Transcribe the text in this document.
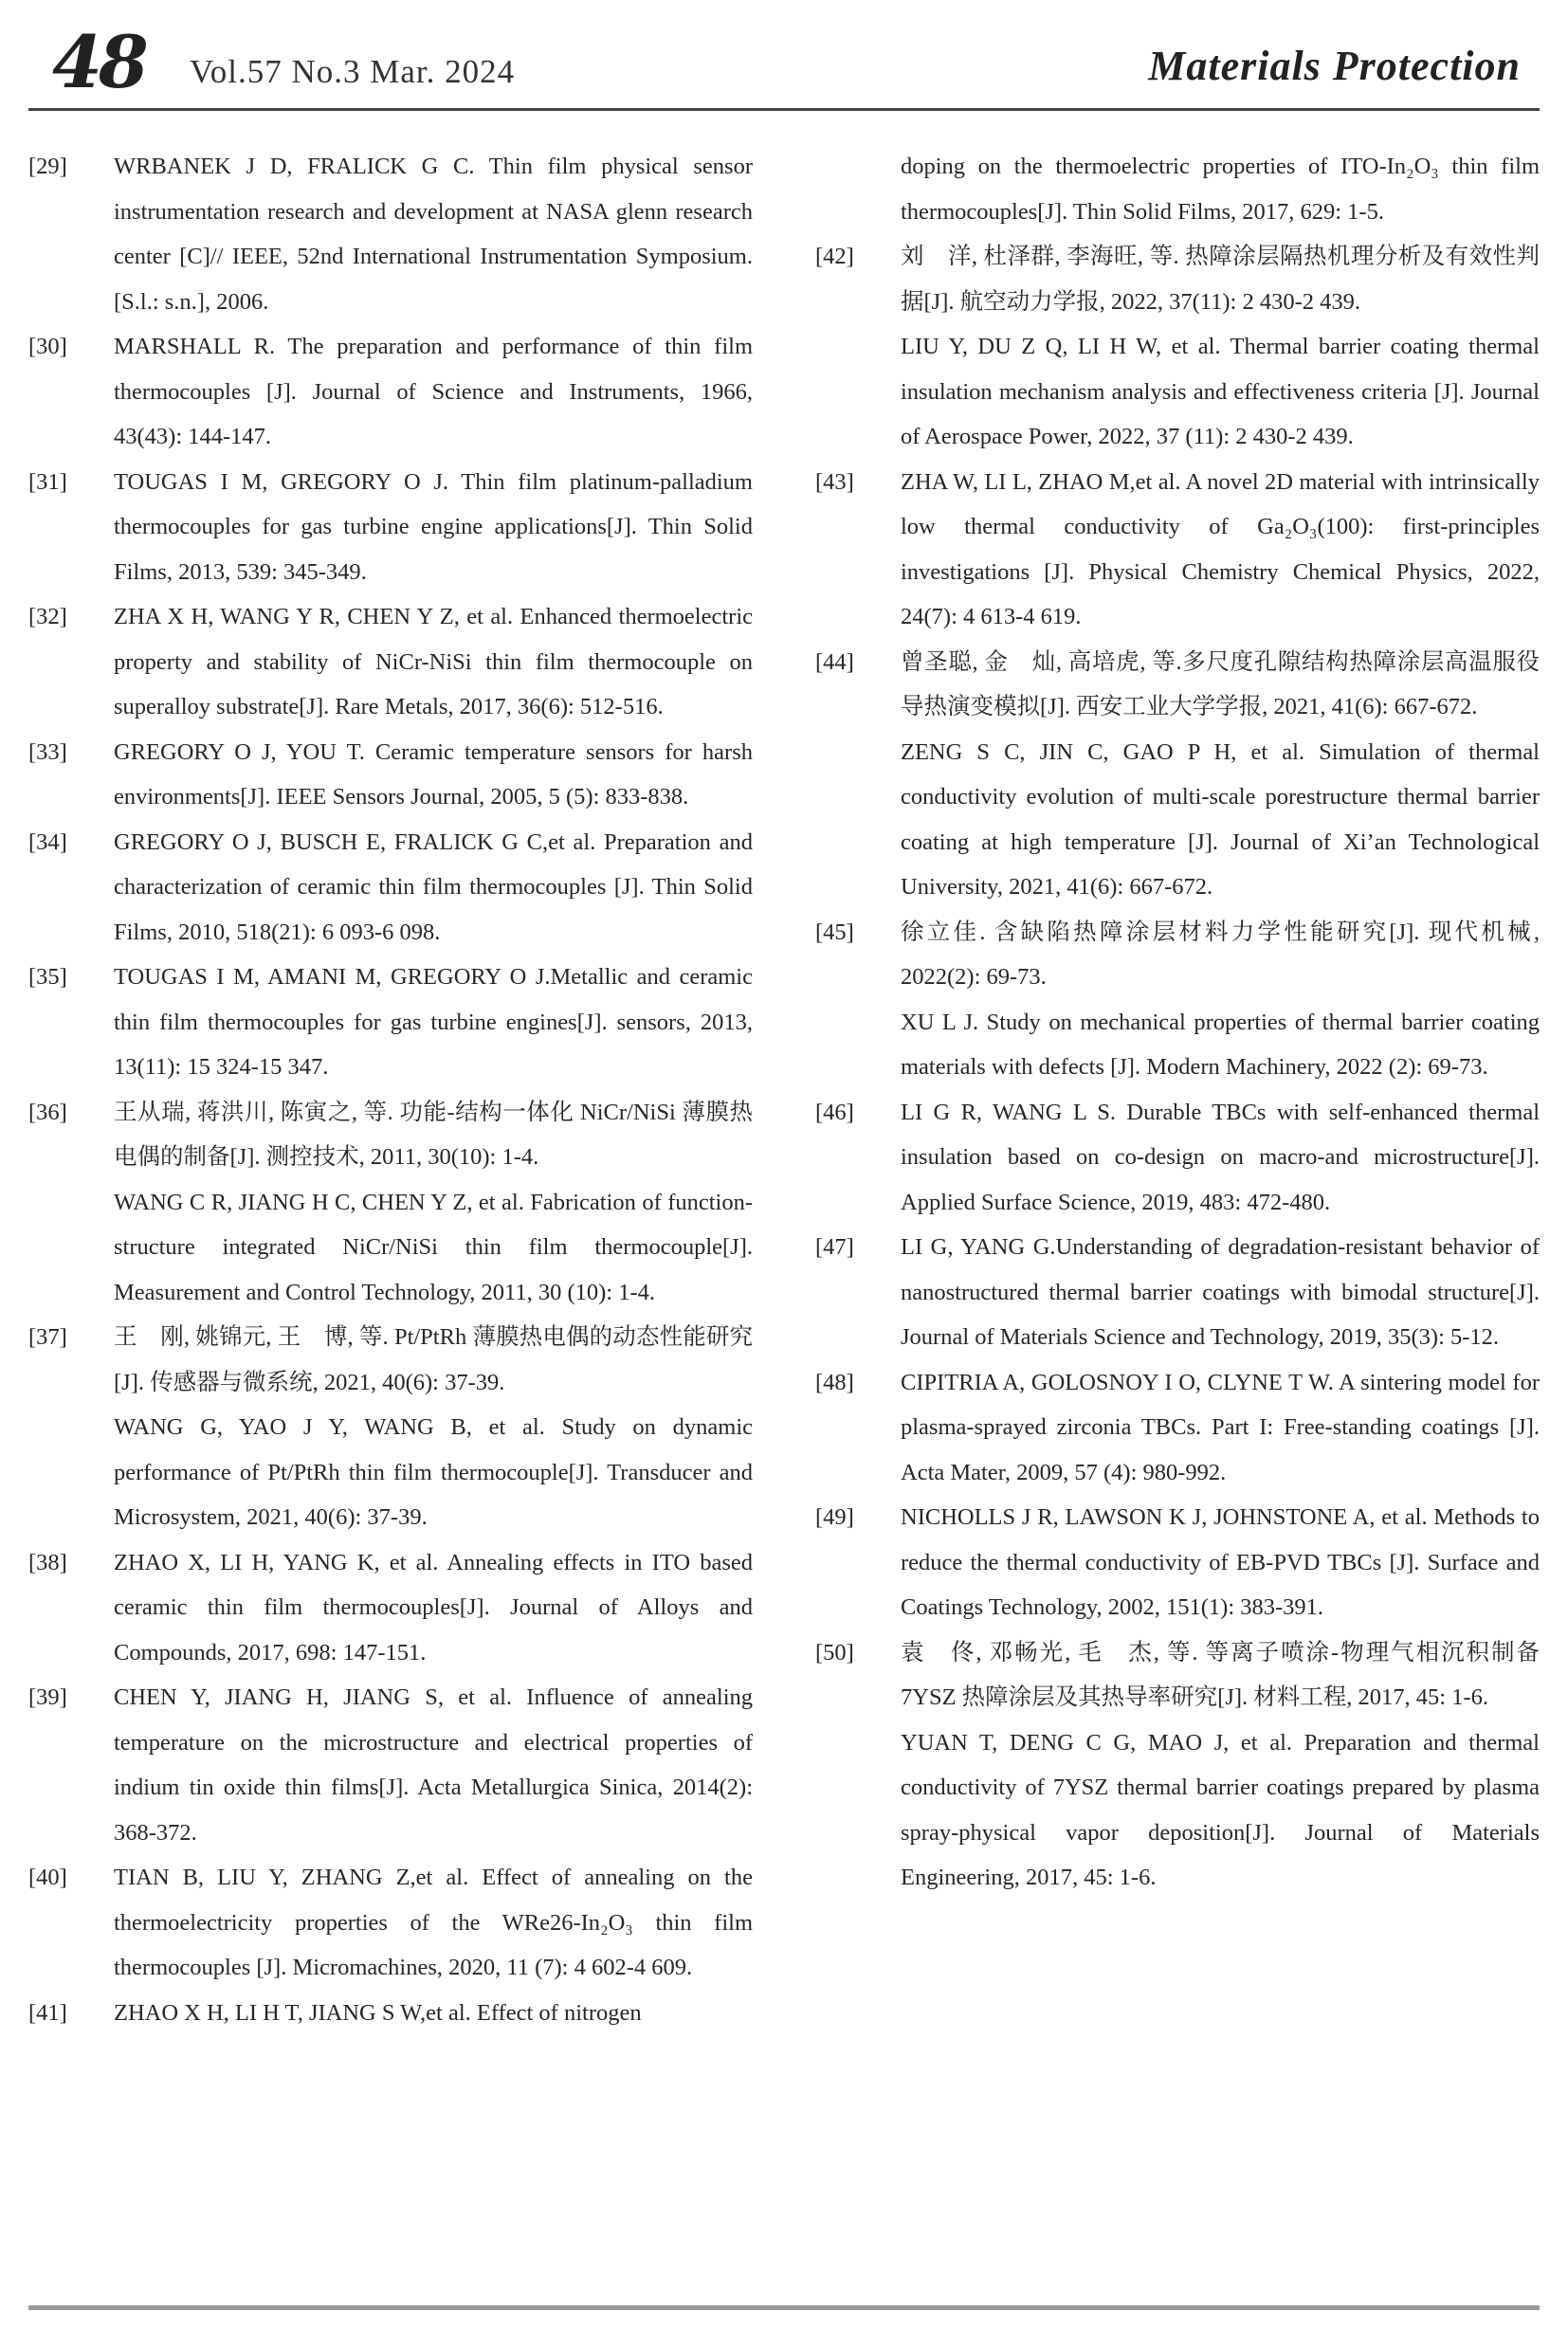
48 Vol.57 No.3 Mar. 2024	Materials Protection
[29]	WRBANEK J D, FRALICK G C. Thin film physical sensor instrumentation research and development at NASA glenn research center [C]// IEEE, 52nd International Instrumentation Symposium. [S.l.: s.n.], 2006.
[30]	MARSHALL R. The preparation and performance of thin film thermocouples [J]. Journal of Science and Instruments, 1966, 43(43): 144-147.
[31]	TOUGAS I M, GREGORY O J. Thin film platinum-palladium thermocouples for gas turbine engine applications[J]. Thin Solid Films, 2013, 539: 345-349.
[32]	ZHA X H, WANG Y R, CHEN Y Z, et al. Enhanced thermoelectric property and stability of NiCr-NiSi thin film thermocouple on superalloy substrate[J]. Rare Metals, 2017, 36(6): 512-516.
[33]	GREGORY O J, YOU T. Ceramic temperature sensors for harsh environments[J]. IEEE Sensors Journal, 2005, 5 (5): 833-838.
[34]	GREGORY O J, BUSCH E, FRALICK G C,et al. Preparation and characterization of ceramic thin film thermocouples [J]. Thin Solid Films, 2010, 518(21): 6 093-6 098.
[35]	TOUGAS I M, AMANI M, GREGORY O J.Metallic and ceramic thin film thermocouples for gas turbine engines[J]. sensors, 2013, 13(11): 15 324-15 347.
[36]	王从瑞, 蒋洪川, 陈寅之, 等. 功能-结构一体化 NiCr/NiSi 薄膜热电偶的制备[J]. 测控技术, 2011, 30(10): 1-4.
WANG C R, JIANG H C, CHEN Y Z, et al. Fabrication of function-structure integrated NiCr/NiSi thin film thermocouple[J]. Measurement and Control Technology, 2011, 30 (10): 1-4.
[37]	王　刚, 姚锦元, 王　博, 等. Pt/PtRh 薄膜热电偶的动态性能研究[J]. 传感器与微系统, 2021, 40(6): 37-39.
WANG G, YAO J Y, WANG B, et al. Study on dynamic performance of Pt/PtRh thin film thermocouple[J]. Transducer and Microsystem, 2021, 40(6): 37-39.
[38]	ZHAO X, LI H, YANG K, et al. Annealing effects in ITO based ceramic thin film thermocouples[J]. Journal of Alloys and Compounds, 2017, 698: 147-151.
[39]	CHEN Y, JIANG H, JIANG S, et al. Influence of annealing temperature on the microstructure and electrical properties of indium tin oxide thin films[J]. Acta Metallurgica Sinica, 2014(2): 368-372.
[40]	TIAN B, LIU Y, ZHANG Z,et al. Effect of annealing on the thermoelectricity properties of the WRe26-In₂O₃ thin film thermocouples [J]. Micromachines, 2020, 11 (7): 4 602-4 609.
[41]	ZHAO X H, LI H T, JIANG S W,et al. Effect of nitrogen
doping on the thermoelectric properties of ITO-In₂O₃ thin film thermocouples[J]. Thin Solid Films, 2017, 629: 1-5.
[42]	刘　洋, 杜泽群, 李海旺, 等. 热障涂层隔热机理分析及有效性判据[J]. 航空动力学报, 2022, 37(11): 2 430-2 439.
LIU Y, DU Z Q, LI H W, et al. Thermal barrier coating thermal insulation mechanism analysis and effectiveness criteria [J]. Journal of Aerospace Power, 2022, 37 (11): 2 430-2 439.
[43]	ZHA W, LI L, ZHAO M,et al. A novel 2D material with intrinsically low thermal conductivity of Ga₂O₃(100): first-principles investigations [J]. Physical Chemistry Chemical Physics, 2022, 24(7): 4 613-4 619.
[44]	曾圣聪, 金　灿, 高培虎, 等.多尺度孔隙结构热障涂层高温服役导热演变模拟[J]. 西安工业大学学报, 2021, 41(6): 667-672.
ZENG S C, JIN C, GAO P H, et al. Simulation of thermal conductivity evolution of multi-scale porestructure thermal barrier coating at high temperature [J]. Journal of Xi’an Technological University, 2021, 41(6): 667-672.
[45]	徐立佳. 含缺陷热障涂层材料力学性能研究[J]. 现代机械, 2022(2): 69-73.
XU L J. Study on mechanical properties of thermal barrier coating materials with defects [J]. Modern Machinery, 2022 (2): 69-73.
[46]	LI G R, WANG L S. Durable TBCs with self-enhanced thermal insulation based on co-design on macro-and microstructure[J]. Applied Surface Science, 2019, 483: 472-480.
[47]	LI G, YANG G.Understanding of degradation-resistant behavior of nanostructured thermal barrier coatings with bimodal structure[J]. Journal of Materials Science and Technology, 2019, 35(3): 5-12.
[48]	CIPITRIA A, GOLOSNOY I O, CLYNE T W. A sintering model for plasma-sprayed zirconia TBCs. Part I: Free-standing coatings [J]. Acta Mater, 2009, 57 (4): 980-992.
[49]	NICHOLLS J R, LAWSON K J, JOHNSTONE A, et al. Methods to reduce the thermal conductivity of EB-PVD TBCs [J]. Surface and Coatings Technology, 2002, 151(1): 383-391.
[50]	袁　佟, 邓畅光, 毛　杰, 等. 等离子喷涂-物理气相沉积制备 7YSZ 热障涂层及其热导率研究[J]. 材料工程, 2017, 45: 1-6.
YUAN T, DENG C G, MAO J, et al. Preparation and thermal conductivity of 7YSZ thermal barrier coatings prepared by plasma spray-physical vapor deposition[J]. Journal of Materials Engineering, 2017, 45: 1-6.
